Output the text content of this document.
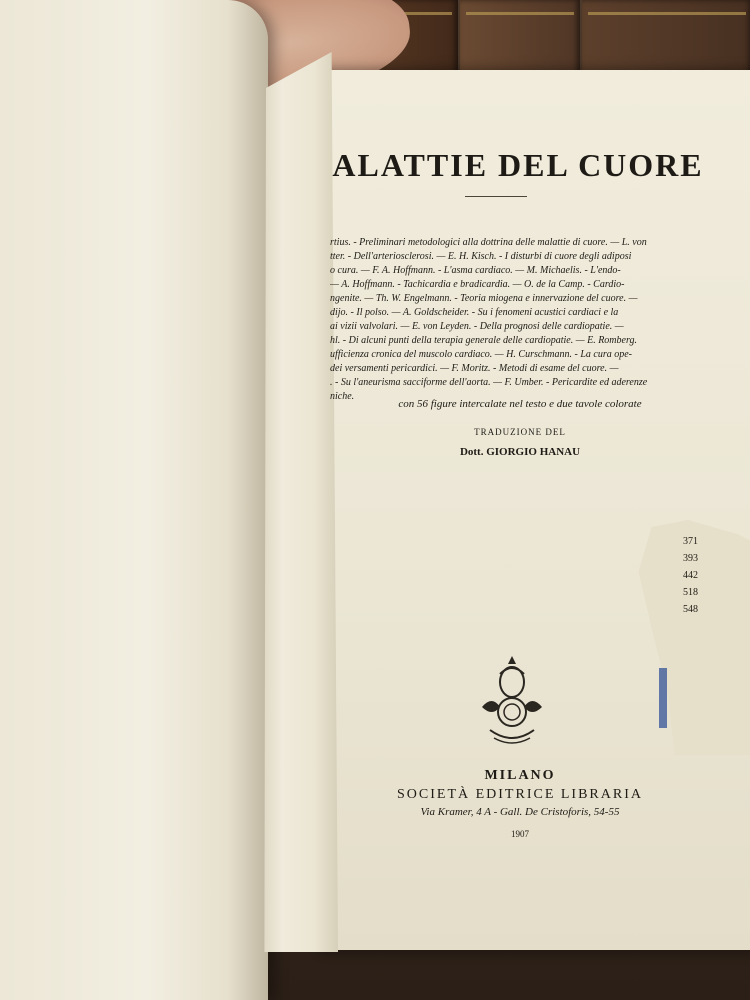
ALATTIE DEL CUORE
rtius. - Preliminari metodologici alla dottrina delle malattie di cuore. — L. von
tter. - Dell'arteriosclerosi. — E. H. Kisch. - I disturbi di cuore degli adiposi
o cura. — F. A. Hoffmann. - L'asma cardiaco. — M. Michaelis. - L'endo-
— A. Hoffmann. - Tachicardia e bradicardia. — O. de la Camp. - Cardio-
ngenite. — Th. W. Engelmann. - Teoria miogena e innervazione del cuore. —
dijo. - Il polso. — A. Goldscheider. - Su i fenomeni acustici cardiaci e la
ai vizii valvolari. — E. von Leyden. - Della prognosi delle cardiopatie. —
hl. - Di alcuni punti della terapia generale delle cardiopatie. — E. Romberg.
ufficienza cronica del muscolo cardiaco. — H. Curschmann. - La cura ope-
dei versamenti pericardici. — F. Moritz. - Metodi di esame del cuore. —
. - Su l'aneurisma sacciforme dell'aorta. — F. Umber. - Pericardite ed aderenze
niche.
con 56 figure intercalate nel testo e due tavole colorate
TRADUZIONE DEL
Dott. GIORGIO HANAU
371
393
442
518
548
MILANO
SOCIETÀ EDITRICE LIBRARIA
Via Kramer, 4 A - Gall. De Cristoforis, 54-55
1907
